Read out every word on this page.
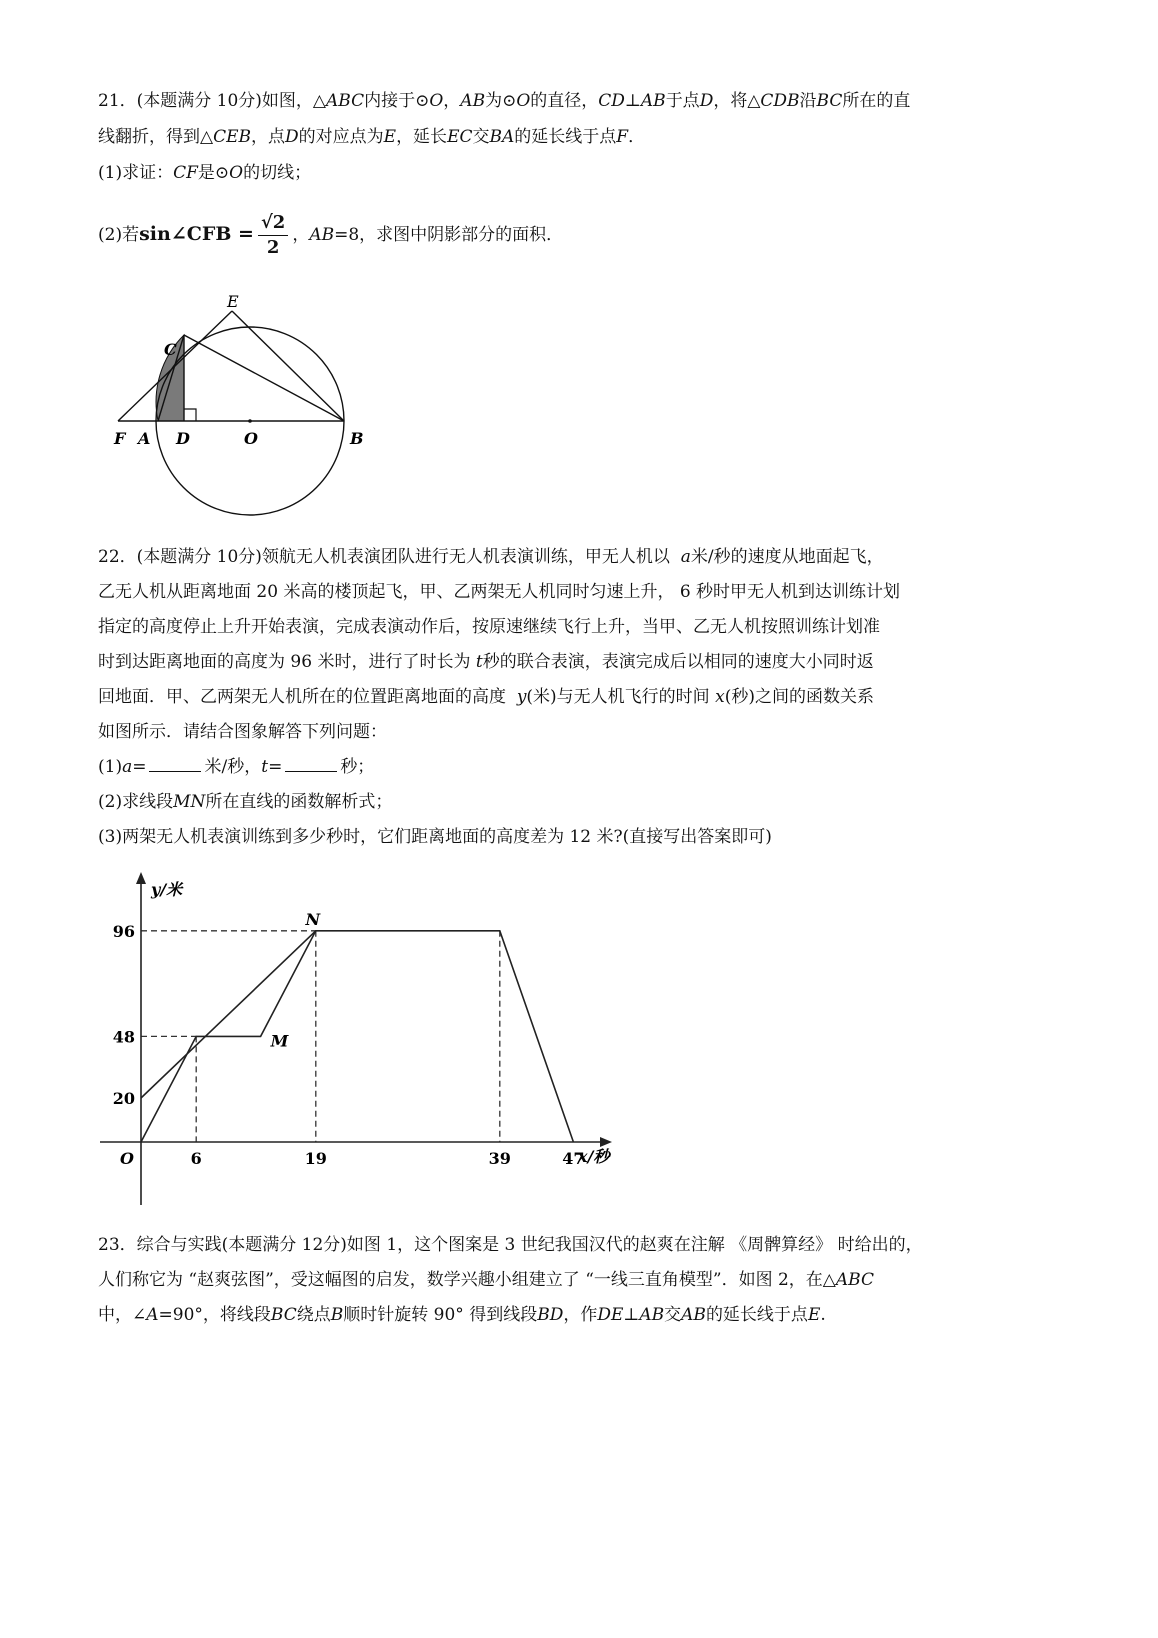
21．(本题满分 10分)如图，△ABC内接于⊙O，AB为⊙O的直径，CD⊥AB于点D，将△CDB沿BC所在的直
线翻折，得到△CEB，点D的对应点为E，延长EC交BA的延长线于点F．
(1)求证：CF是⊙O的切线；
(2)若sin∠CFB = $\frac{√2}{2}$ ，AB=8，求图中阴影部分的面积．
E
C
F A D	O	B
22．(本题满分 10分)领航无人机表演团队进行无人机表演训练，甲无人机以 a米/秒的速度从地面起飞，
乙无人机从距离地面 20 米高的楼顶起飞，甲、乙两架无人机同时匀速上升， 6 秒时甲无人机到达训练计划
指定的高度停止上升开始表演，完成表演动作后，按原速继续飞行上升，当甲、乙无人机按照训练计划准
时到达距离地面的高度为 96 米时，进行了时长为 t秒的联合表演，表演完成后以相同的速度大小同时返
回地面．甲、乙两架无人机所在的位置距离地面的高度 y(米)与无人机飞行的时间 x(秒)之间的函数关系
如图所示．请结合图象解答下列问题：
(1)a=	米/秒，t=	秒；
(2)求线段MN所在直线的函数解析式；
(3)两架无人机表演训练到多少秒时，它们距离地面的高度差为 12 米?(直接写出答案即可)
y/米
x/秒
O	6	19	39	47
20
48
96
N
M
23．综合与实践(本题满分 12分)如图 1，这个图案是 3 世纪我国汉代的赵爽在注解 《周髀算经》 时给出的，
人们称它为 “赵爽弦图”，受这幅图的启发，数学兴趣小组建立了 “一线三直角模型”．如图 2，在△ABC
中，∠A=90°，将线段BC绕点B顺时针旋转 90° 得到线段BD，作DE⊥AB交AB的延长线于点E.
